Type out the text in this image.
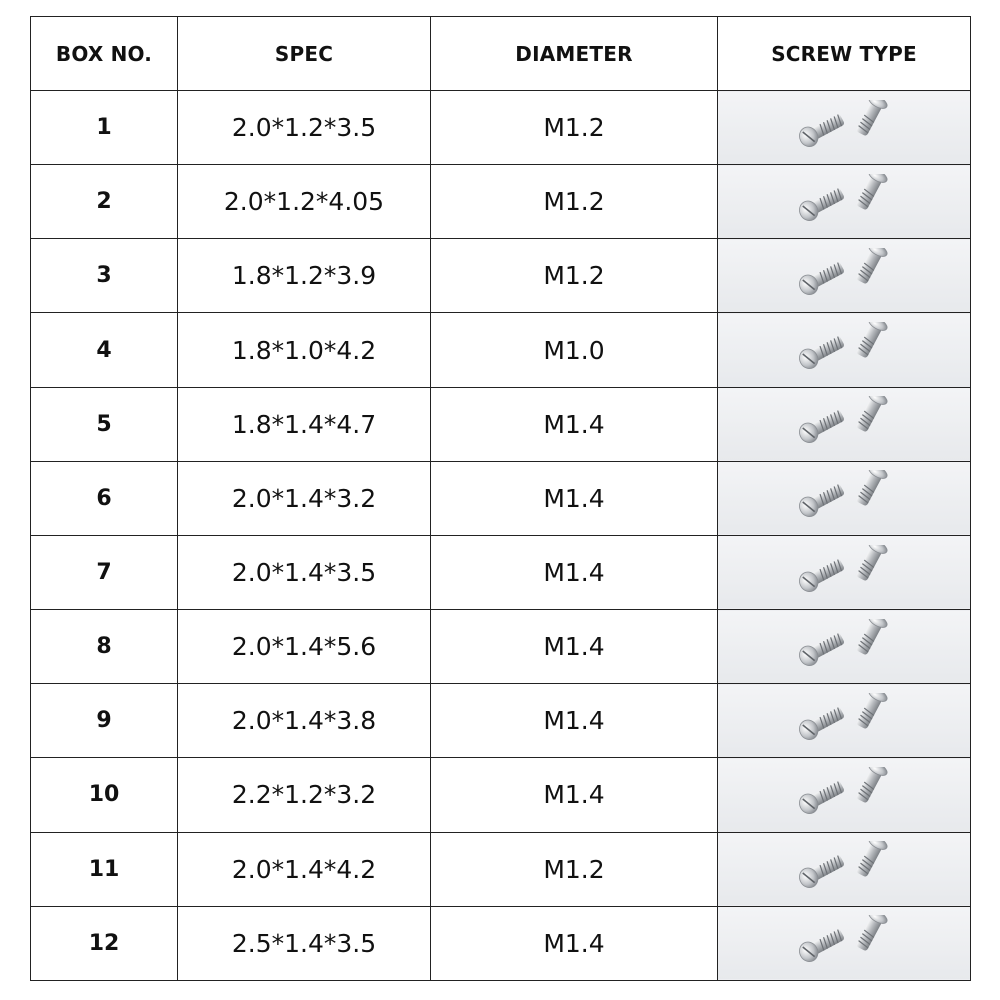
BOX NO.	SPEC	DIAMETER	SCREW TYPE
1	2.0*1.2*3.5	M1.2	

2	2.0*1.2*4.05	M1.2	

3	1.8*1.2*3.9	M1.2	

4	1.8*1.0*4.2	M1.0	

5	1.8*1.4*4.7	M1.4	

6	2.0*1.4*3.2	M1.4	

7	2.0*1.4*3.5	M1.4	

8	2.0*1.4*5.6	M1.4	

9	2.0*1.4*3.8	M1.4	

10	2.2*1.2*3.2	M1.4	

11	2.0*1.4*4.2	M1.2	

12	2.5*1.4*3.5	M1.4	
